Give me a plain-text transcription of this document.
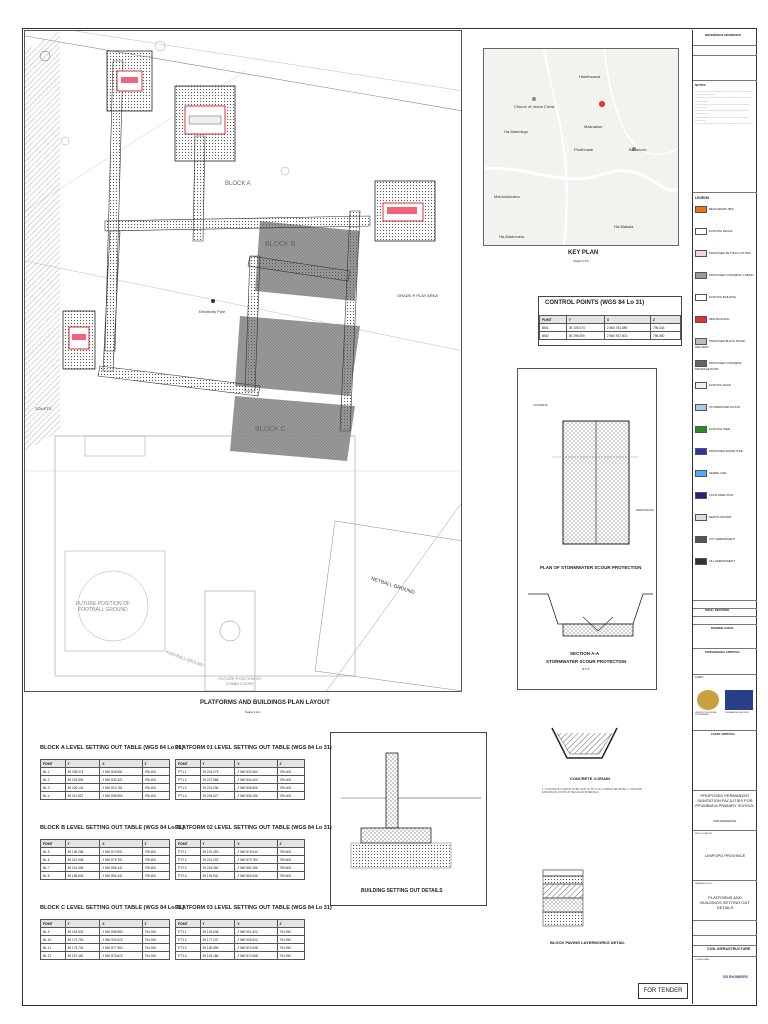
BLOCK B
BLOCK C
BLOCK A
Electricity Pole
GRADE R PLAY AREA
NETBALL GROUND
FUTURE POSITION OF FOOTBALL GROUND
FOOTBALL GROUND
FUTURE POSITION OF COMBI COURT
TOILETS
PLATFORMS AND BUILDINGS PLAN LAYOUT
Scale 1:xxx
Hlanthwana
Church of Jesus Christ
Mashakoe
Phuthmadi	Ba sekolo
Ha-Mamokgo
Mahlolokwana
Ha-Matlala
Ha-Madumela
KEY PLAN
Scale N.T.S
CONTROL POINTS (WGS 84 Lo 31)
POINT	Y	X	Z
BM1	39 109.474	2 560 764.089	796.443
BM2	39 296.090	2 560 917.601	796.080
CONCRETE
REINFORCING
PLAN OF STORMWATER SCOUR PROTECTION
SECTION A-A
STORMWATER SCOUR PROTECTION
N.T.S
CONCRETE V-DRAIN
1. CONCRETE V-DRAIN TO BE CAST IN SITU ON COMPACTED BASE. 2. PROVIDE EXPANSION JOINTS AT REGULAR INTERVALS.
BLOCK PAVING LAYERWORKS DETAIL
BUILDING SETTING OUT DETAILS
FOR TENDER
REFERENCE DRAWINGS
NOTES:
─── ─────── ───── ── ──── ──── ─────── ─── ─── ─────
─── ──── ── ──────── ─────── ──── ─── ──── ───
─── ───── ── ────── ───── ──── ───── ───── ──
─── ──── ───── ──── ───── ─── ───── ──── ───
─── ────── ───── ─── ──── ─── ───── ──── ──
─── ──── ─── ─────── ────── ──── ─────
LEGEND
BENCHMARK (BM)
EXISTING FENCE
PROPOSED SETTING OUT PEG
PROPOSED CONCRETE V-DRAIN
EXISTING BUILDING
NEW BUILDING
PROPOSED BLOCK PAVED WALKWAY
PROPOSED CONCRETE DRAINAGE PUMP
EXISTING ROAD
STORMWATER SCOUR
EXISTING TREE
PROPOSED WATER PIPE
SEWER LINE
FLOW DIRECTION
NEW PLATFORM
CUT EMBANKMENT
FILL EMBANKMENT
ISSUE / REVISIONS
DRAWING CHECK
PROFESSIONAL APPROVAL
CLIENT:
LIMPOPO PROVINCIAL GOVERNMENT
TSHWANE NDOLA TRUST
CLIENT APPROVAL
PROPOSED PERMANENT SANITATION FACILITIES FOR PFUMBADA PRIMARY SCHOOL
GRID REFERENCE
SITE LOCATION:
LIMPOPO PROVINCE
DRAWING TITLE:
PLATFORMS AND BUILDINGS SETTING OUT DETAILS
CIVIL INFRASTRUCTURE
CONSULTANT:
SSI ENGINEERS
BLOCK A LEVEL SETTING OUT TABLE (WGS 84 Lo 31)
POINT	Y	X	Z
BL.1	39 208.974	2 560 828.581	796.400
BL.2	39 223.594	2 560 830.321	796.400
BL.3	39 226.142	2 560 810.761	796.400
BL.4	39 211.522	2 560 808.960	796.400
PLATFORM 01 LEVEL SETTING OUT TABLE (WGS 84 Lo 31)
POINT	Y	X	Z
PT1.1	39 204.079	2 560 831.560	796.400
PT1.2	39 227.888	2 560 834.400	796.400
PT1.3	39 231.036	2 560 806.806	796.400
PT1.4	39 206.627	2 560 805.166	796.400
BLOCK B LEVEL SETTING OUT TABLE (WGS 84 Lo 31)
POINT	Y	X	Z
BL.5	39 196.288	2 560 873.901	795.600
BL.6	39 210.908	2 560 875.701	795.600
BL.7	39 213.456	2 560 856.141	795.600
BL.8	39 198.836	2 560 854.341	795.600
PLATFORM 02 LEVEL SETTING OUT TABLE (WGS 84 Lo 31)
POINT	Y	X	Z
PT2.1	39 191.393	2 560 876.940	795.600
PT2.2	39 215.202	2 560 879.780	795.600
PT2.3	39 218.350	2 560 852.186	795.600
PT2.4	39 193.941	2 560 850.546	795.600
BLOCK C LEVEL SETTING OUT TABLE (WGS 84 Lo 31)
POINT	Y	X	Z
BL.9	39 154.533	2 560 898.583	794.930
BL.10	39 172.753	2 560 900.923	794.930
BL.11	39 175.701	2 560 877.963	794.930
BL.12	39 157.481	2 560 875.623	794.930
PLATFORM 03 LEVEL SETTING OUT TABLE (WGS 84 Lo 31)
POINT	Y	X	Z
PT3.1	39 149.638	2 560 901.622	794.930
PT3.2	39 177.047	2 560 905.002	794.930
PT3.3	39 180.595	2 560 874.008	794.930
PT3.4	39 152.186	2 560 872.568	794.930
